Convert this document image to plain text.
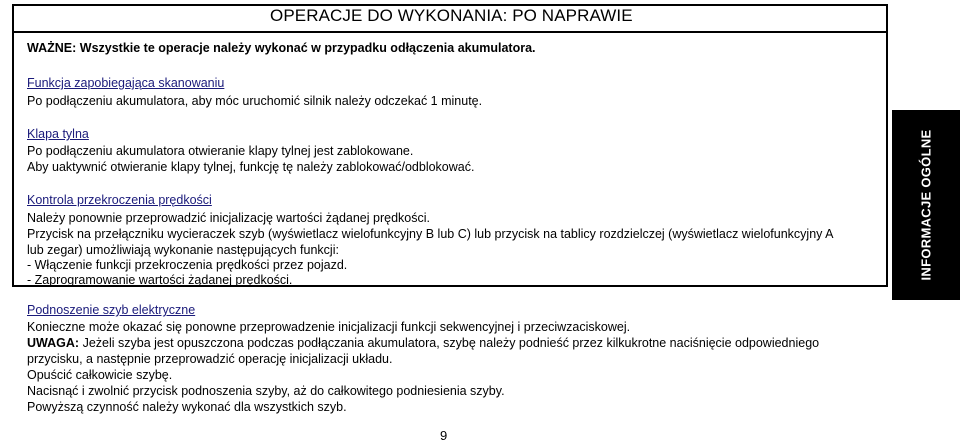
OPERACJE DO WYKONANIA: PO NAPRAWIE
INFORMACJE OGÓLNE
WAŻNE: Wszystkie te operacje należy wykonać w przypadku odłączenia akumulatora.
Funkcja zapobiegająca skanowaniu
Po podłączeniu akumulatora, aby móc uruchomić silnik należy odczekać 1 minutę.
Klapa tylna
Po podłączeniu akumulatora otwieranie klapy tylnej jest zablokowane.
Aby uaktywnić otwieranie klapy tylnej, funkcję tę należy zablokować/odblokować.
Kontrola przekroczenia prędkości
Należy ponownie przeprowadzić inicjalizację wartości żądanej prędkości.
Przycisk na przełączniku wycieraczek szyb (wyświetlacz wielofunkcyjny B lub C) lub przycisk na tablicy rozdzielczej (wyświetlacz wielofunkcyjny A
lub zegar) umożliwiają wykonanie następujących funkcji:
- Włączenie funkcji przekroczenia prędkości przez pojazd.
- Zaprogramowanie wartości żądanej prędkości.
Podnoszenie szyb elektryczne
Konieczne może okazać się ponowne przeprowadzenie inicjalizacji funkcji sekwencyjnej i przeciwzaciskowej.
UWAGA: Jeżeli szyba jest opuszczona podczas podłączania akumulatora, szybę należy podnieść przez kilkukrotne naciśnięcie odpowiedniego
przycisku, a następnie przeprowadzić operację inicjalizacji układu.
Opuścić całkowicie szybę.
Nacisnąć i zwolnić przycisk podnoszenia szyby, aż do całkowitego podniesienia szyby.
Powyższą czynność należy wykonać dla wszystkich szyb.
9
